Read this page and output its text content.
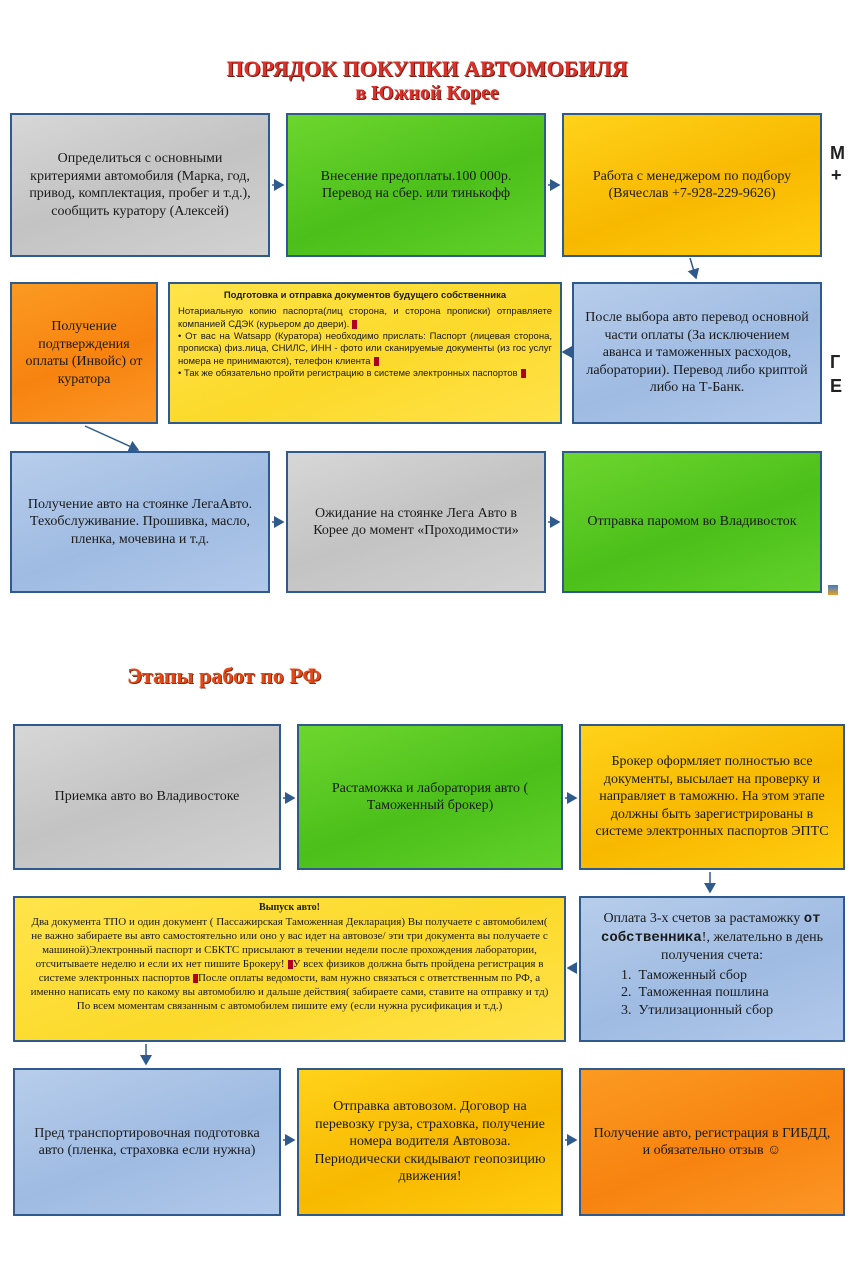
ПОРЯДОК ПОКУПКИ АВТОМОБИЛЯ
в Южной Корее
Определиться с основными критериями автомобиля (Марка, год, привод, комплектация, пробег и т.д.), сообщить куратору (Алексей)
Внесение предоплаты.100 000р. Перевод на сбер. или тинькофф
Работа с менеджером по подбору (Вячеслав +7-928-229-9626)
Получение подтверждения оплаты (Инвойс) от куратора
Подготовка и отправка документов будущего собственника
Нотариальную копию паспорта(лиц сторона, и сторона прописки) отправляете компанией СДЭК (курьером до двери).
• От вас на Watsapp (Куратора) необходимо прислать: Паспорт (лицевая сторона, прописка) физ.лица, СНИЛС, ИНН - фото или сканируемые документы (из гос услуг номера не принимаются), телефон клиента
• Так же обязательно пройти регистрацию в системе электронных паспортов
После выбора авто перевод основной части оплаты (За исключением аванса и таможенных расходов, лаборатории). Перевод либо криптой либо на Т-Банк.
Получение авто на стоянке ЛегаАвто. Техобслуживание. Прошивка, масло, пленка, мочевина и т.д.
Ожидание на стоянке Лега Авто в Корее до момент «Проходимости»
Отправка паромом во Владивосток
М
+
Г
Е
Этапы работ по РФ
Приемка авто во Владивостоке
Растаможка и лаборатория авто ( Таможенный брокер)
Брокер оформляет полностью все документы, высылает на проверку и направляет в таможню. На этом этапе должны быть зарегистрированы в системе электронных паспортов ЭПТС
Выпуск авто!
Два документа ТПО и один документ ( Пассажирская Таможенная Декларация) Вы получаете с автомобилем( не важно забираете вы авто самостоятельно или оно у вас идет на автовозе/ эти три документа вы получаете с машиной)Электронный паспорт и СБКТС присылают в течении недели после прохождения лаборатории, отсчитываете неделю и если их нет пишите Брокеру! У всех физиков должна быть пройдена регистрация в системе электронных паспортов После оплаты ведомости, вам нужно связаться с ответственным по РФ, а именно написать ему по какому вы автомобилю и дальше действия( забираете сами, ставите на отправку и тд) По всем моментам связанным с автомобилем пишите ему (если нужна русификация и т.д.)
Оплата 3-х счетов за растаможку от собственника!, желательно в день получения счета:
1.  Таможенный сбор
2.  Таможенная пошлина
3.  Утилизационный сбор
Пред транспортировочная подготовка авто (пленка, страховка если нужна)
Отправка автовозом. Договор на перевозку груза, страховка, получение номера водителя Автовоза. Периодически скидывают геопозицию движения!
Получение авто, регистрация в ГИБДД, и обязательно отзыв ☺
